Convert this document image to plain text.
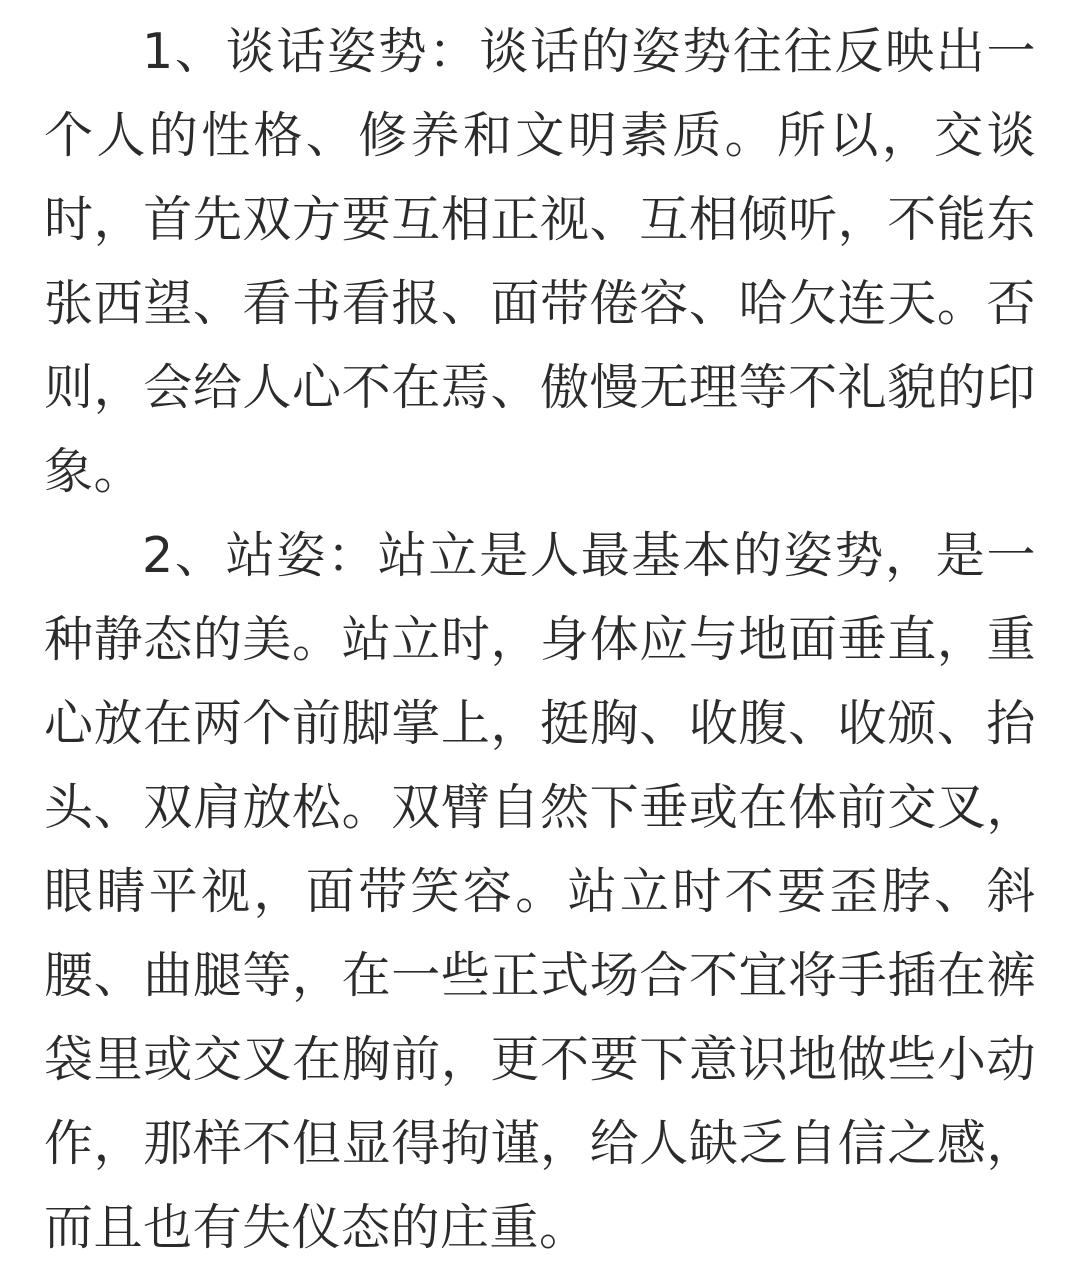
1、谈话姿势：谈话的姿势往往反映出一个人的性格、修养和文明素质。所以，交谈时，首先双方要互相正视、互相倾听，不能东张西望、看书看报、面带倦容、哈欠连天。否则，会给人心不在焉、傲慢无理等不礼貌的印象。

2、站姿：站立是人最基本的姿势，是一种静态的美。站立时，身体应与地面垂直，重心放在两个前脚掌上，挺胸、收腹、收颁、抬头、双肩放松。双臂自然下垂或在体前交叉，眼睛平视，面带笑容。站立时不要歪脖、斜腰、曲腿等，在一些正式场合不宜将手插在裤袋里或交叉在胸前，更不要下意识地做些小动作，那样不但显得拘谨，给人缺乏自信之感，而且也有失仪态的庄重。
